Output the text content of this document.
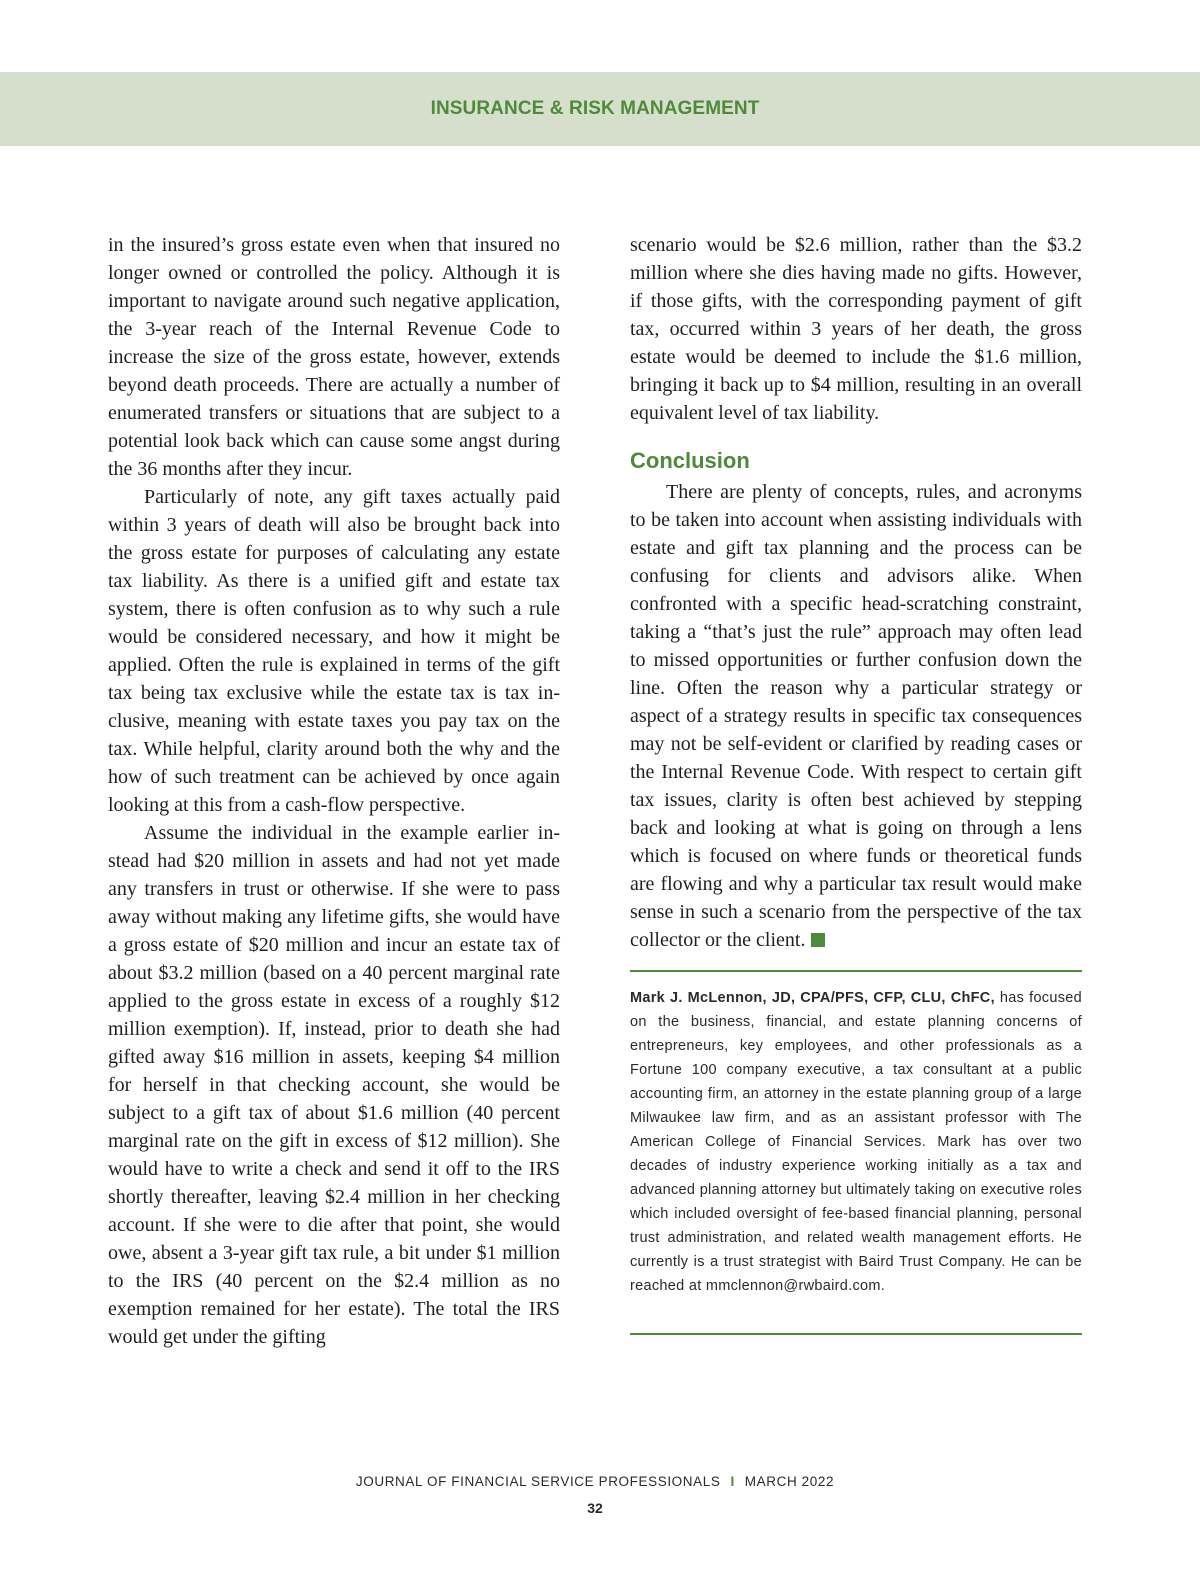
INSURANCE & RISK MANAGEMENT

in the insured’s gross estate even when that insured no longer owned or controlled the policy. Although it is important to navigate around such negative application, the 3-year reach of the Internal Revenue Code to increase the size of the gross estate, however, extends beyond death proceeds. There are actually a number of enumerated transfers or situations that are subject to a potential look back which can cause some angst during the 36 months after they incur.

Particularly of note, any gift taxes actually paid within 3 years of death will also be brought back into the gross estate for purposes of calculating any estate tax liability. As there is a unified gift and estate tax system, there is often confusion as to why such a rule would be considered necessary, and how it might be applied. Often the rule is explained in terms of the gift tax being tax exclusive while the estate tax is tax inclusive, meaning with estate taxes you pay tax on the tax. While helpful, clarity around both the why and the how of such treatment can be achieved by once again looking at this from a cash-flow perspective.

Assume the individual in the example earlier instead had $20 million in assets and had not yet made any transfers in trust or otherwise. If she were to pass away without making any lifetime gifts, she would have a gross estate of $20 million and incur an estate tax of about $3.2 million (based on a 40 percent marginal rate applied to the gross estate in excess of a roughly $12 million exemption). If, instead, prior to death she had gifted away $16 million in assets, keeping $4 million for herself in that checking account, she would be subject to a gift tax of about $1.6 million (40 percent marginal rate on the gift in excess of $12 million). She would have to write a check and send it off to the IRS shortly thereafter, leaving $2.4 million in her checking account. If she were to die after that point, she would owe, absent a 3-year gift tax rule, a bit under $1 million to the IRS (40 percent on the $2.4 million as no exemption remained for her estate). The total the IRS would get under the gifting

scenario would be $2.6 million, rather than the $3.2 million where she dies having made no gifts. However, if those gifts, with the corresponding payment of gift tax, occurred within 3 years of her death, the gross estate would be deemed to include the $1.6 million, bringing it back up to $4 million, resulting in an overall equivalent level of tax liability.

Conclusion

There are plenty of concepts, rules, and acronyms to be taken into account when assisting individuals with estate and gift tax planning and the process can be confusing for clients and advisors alike. When confronted with a specific head-scratching constraint, taking a “that’s just the rule” approach may often lead to missed opportunities or further confusion down the line. Often the reason why a particular strategy or aspect of a strategy results in specific tax consequences may not be self-evident or clarified by reading cases or the Internal Revenue Code. With respect to certain gift tax issues, clarity is often best achieved by stepping back and looking at what is going on through a lens which is focused on where funds or theoretical funds are flowing and why a particular tax result would make sense in such a scenario from the perspective of the tax collector or the client.

Mark J. McLennon, JD, CPA/PFS, CFP, CLU, ChFC, has focused on the business, financial, and estate planning concerns of entrepreneurs, key employees, and other professionals as a Fortune 100 company executive, a tax consultant at a public accounting firm, an attorney in the estate planning group of a large Milwaukee law firm, and as an assistant professor with The American College of Financial Services. Mark has over two decades of industry experience working initially as a tax and advanced planning attorney but ultimately taking on executive roles which included oversight of fee-based financial planning, personal trust administration, and related wealth management efforts. He currently is a trust strategist with Baird Trust Company. He can be reached at mmclennon@rwbaird.com.

JOURNAL OF FINANCIAL SERVICE PROFESSIONALS I MARCH 2022
32
